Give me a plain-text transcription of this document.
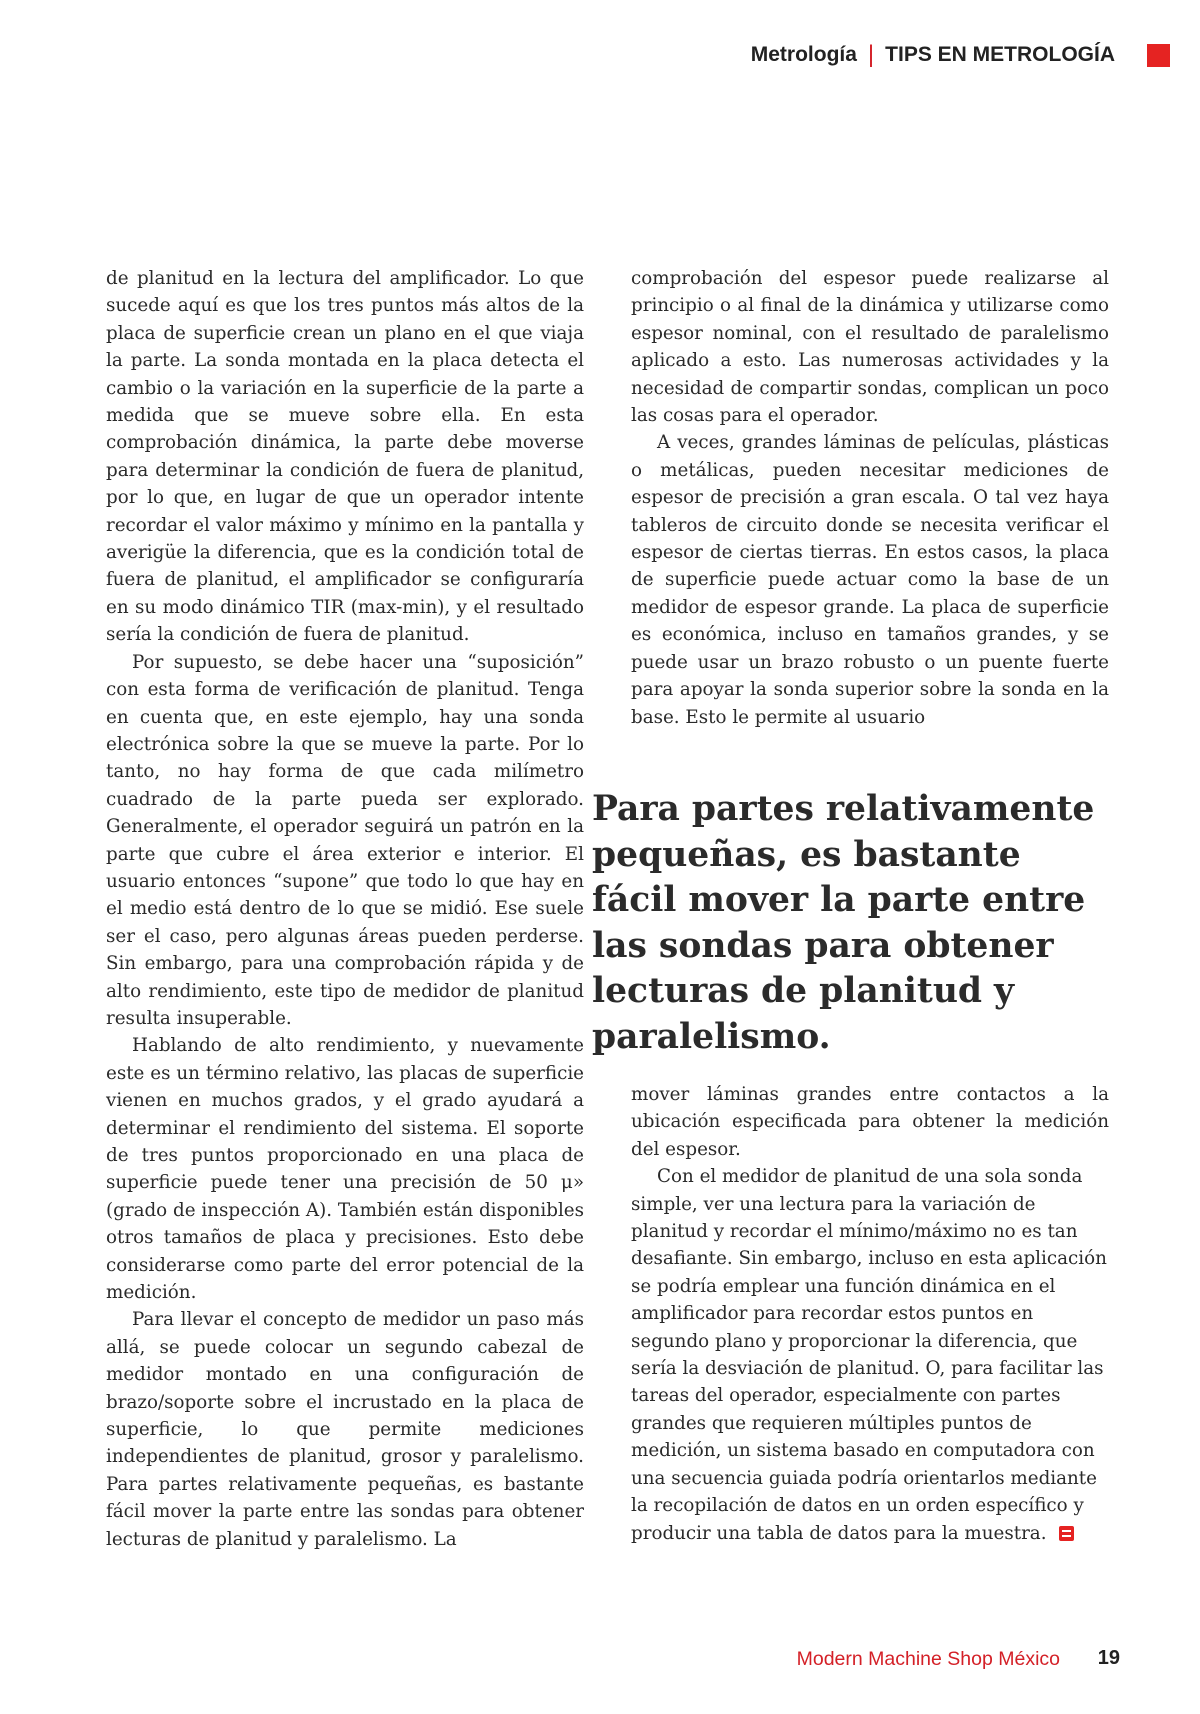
Metrología | TIPS EN METROLOGÍA

de planitud en la lectura del amplificador. Lo que sucede aquí es que los tres puntos más altos de la placa de superficie crean un plano en el que viaja la parte. La sonda montada en la placa detecta el cambio o la variación en la superficie de la parte a medida que se mueve sobre ella. En esta comprobación dinámica, la parte debe moverse para determinar la condición de fuera de planitud, por lo que, en lugar de que un operador intente recordar el valor máximo y mínimo en la pantalla y averigüe la diferencia, que es la condición total de fuera de planitud, el amplificador se configuraría en su modo dinámico TIR (max-min), y el resultado sería la condición de fuera de planitud.

Por supuesto, se debe hacer una “suposición” con esta forma de verificación de planitud. Tenga en cuenta que, en este ejemplo, hay una sonda electrónica sobre la que se mueve la parte. Por lo tanto, no hay forma de que cada milímetro cuadrado de la parte pueda ser explorado. Generalmente, el operador seguirá un patrón en la parte que cubre el área exterior e interior. El usuario entonces “supone” que todo lo que hay en el medio está dentro de lo que se midió. Ese suele ser el caso, pero algunas áreas pueden perderse. Sin embargo, para una comprobación rápida y de alto rendimiento, este tipo de medidor de planitud resulta insuperable.

Hablando de alto rendimiento, y nuevamente este es un término relativo, las placas de superficie vienen en muchos grados, y el grado ayudará a determinar el rendimiento del sistema. El soporte de tres puntos proporcionado en una placa de superficie puede tener una precisión de 50 μ» (grado de inspección A). También están disponibles otros tamaños de placa y precisiones. Esto debe considerarse como parte del error potencial de la medición.

Para llevar el concepto de medidor un paso más allá, se puede colocar un segundo cabezal de medidor montado en una configuración de brazo/soporte sobre el incrustado en la placa de superficie, lo que permite mediciones independientes de planitud, grosor y paralelismo. Para partes relativamente pequeñas, es bastante fácil mover la parte entre las sondas para obtener lecturas de planitud y paralelismo. La

comprobación del espesor puede realizarse al principio o al final de la dinámica y utilizarse como espesor nominal, con el resultado de paralelismo aplicado a esto. Las numerosas actividades y la necesidad de compartir sondas, complican un poco las cosas para el operador.

A veces, grandes láminas de películas, plásticas o metálicas, pueden necesitar mediciones de espesor de precisión a gran escala. O tal vez haya tableros de circuito donde se necesita verificar el espesor de ciertas tierras. En estos casos, la placa de superficie puede actuar como la base de un medidor de espesor grande. La placa de superficie es económica, incluso en tamaños grandes, y se puede usar un brazo robusto o un puente fuerte para apoyar la sonda superior sobre la sonda en la base. Esto le permite al usuario

Para partes relativamente pequeñas, es bastante fácil mover la parte entre las sondas para obtener lecturas de planitud y paralelismo.

mover láminas grandes entre contactos a la ubicación especificada para obtener la medición del espesor.

Con el medidor de planitud de una sola sonda simple, ver una lectura para la variación de planitud y recordar el mínimo/máximo no es tan desafiante. Sin embargo, incluso en esta aplicación se podría emplear una función dinámica en el amplificador para recordar estos puntos en segundo plano y proporcionar la diferencia, que sería la desviación de planitud. O, para facilitar las tareas del operador, especialmente con partes grandes que requieren múltiples puntos de medición, un sistema basado en computadora con una secuencia guiada podría orientarlos mediante la recopilación de datos en un orden específico y producir una tabla de datos para la muestra.

Modern Machine Shop México 19
